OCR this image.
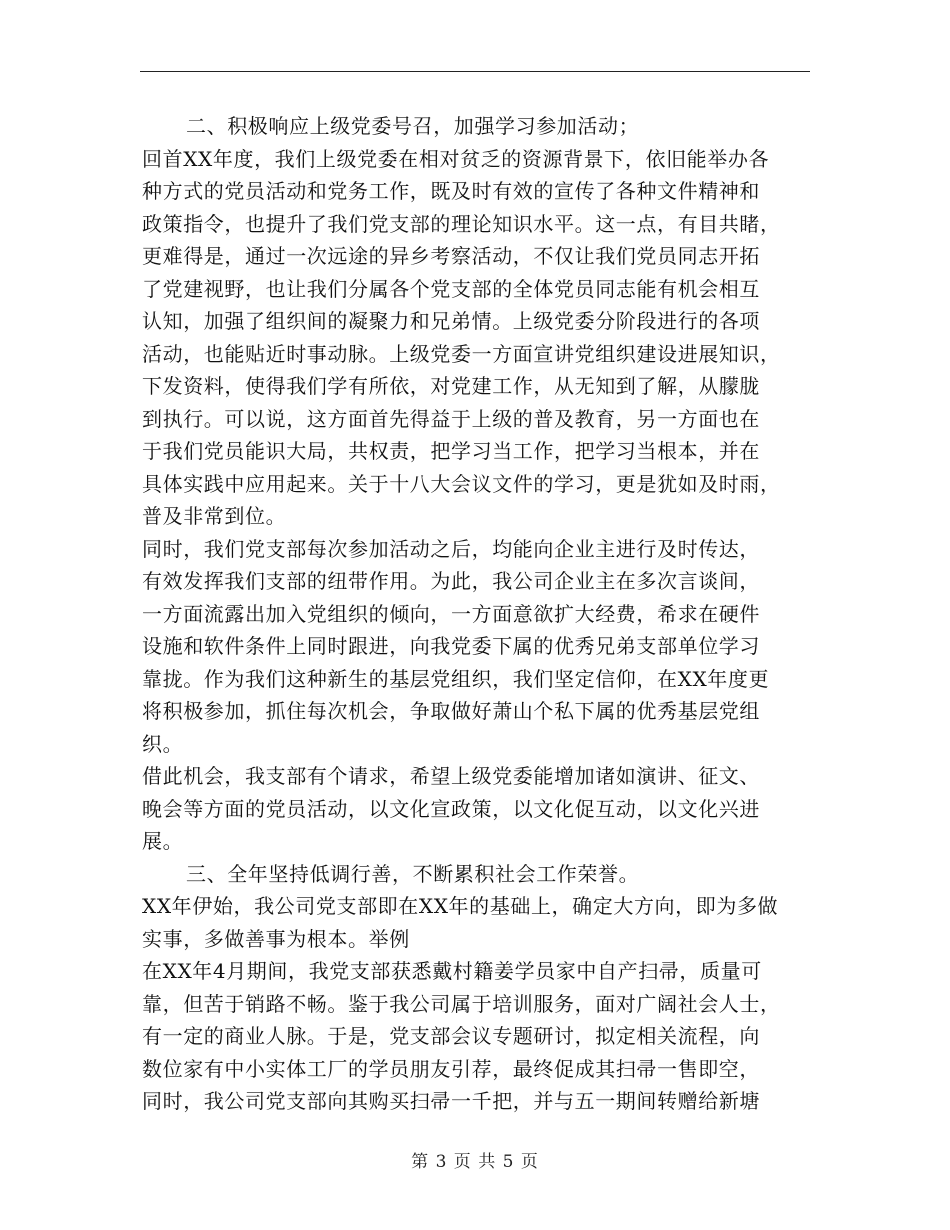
二、积极响应上级党委号召，加强学习参加活动；
回首XX年度，我们上级党委在相对贫乏的资源背景下，依旧能举办各
种方式的党员活动和党务工作，既及时有效的宣传了各种文件精神和
政策指令，也提升了我们党支部的理论知识水平。这一点，有目共睹，
更难得是，通过一次远途的异乡考察活动，不仅让我们党员同志开拓
了党建视野，也让我们分属各个党支部的全体党员同志能有机会相互
认知，加强了组织间的凝聚力和兄弟情。上级党委分阶段进行的各项
活动，也能贴近时事动脉。上级党委一方面宣讲党组织建设进展知识，
下发资料，使得我们学有所依，对党建工作，从无知到了解，从朦胧
到执行。可以说，这方面首先得益于上级的普及教育，另一方面也在
于我们党员能识大局，共权责，把学习当工作，把学习当根本，并在
具体实践中应用起来。关于十八大会议文件的学习，更是犹如及时雨，
普及非常到位。
同时，我们党支部每次参加活动之后，均能向企业主进行及时传达，
有效发挥我们支部的纽带作用。为此，我公司企业主在多次言谈间，
一方面流露出加入党组织的倾向，一方面意欲扩大经费，希求在硬件
设施和软件条件上同时跟进，向我党委下属的优秀兄弟支部单位学习
靠拢。作为我们这种新生的基层党组织，我们坚定信仰，在XX年度更
将积极参加，抓住每次机会，争取做好萧山个私下属的优秀基层党组
织。
借此机会，我支部有个请求，希望上级党委能增加诸如演讲、征文、
晚会等方面的党员活动，以文化宣政策，以文化促互动，以文化兴进
展。
三、全年坚持低调行善，不断累积社会工作荣誉。
XX年伊始，我公司党支部即在XX年的基础上，确定大方向，即为多做
实事，多做善事为根本。举例
在XX年4月期间，我党支部获悉戴村籍姜学员家中自产扫帚，质量可
靠，但苦于销路不畅。鉴于我公司属于培训服务，面对广阔社会人士，
有一定的商业人脉。于是，党支部会议专题研讨，拟定相关流程，向
数位家有中小实体工厂的学员朋友引荐，最终促成其扫帚一售即空，
同时，我公司党支部向其购买扫帚一千把，并与五一期间转赠给新塘
第 3 页 共 5 页
